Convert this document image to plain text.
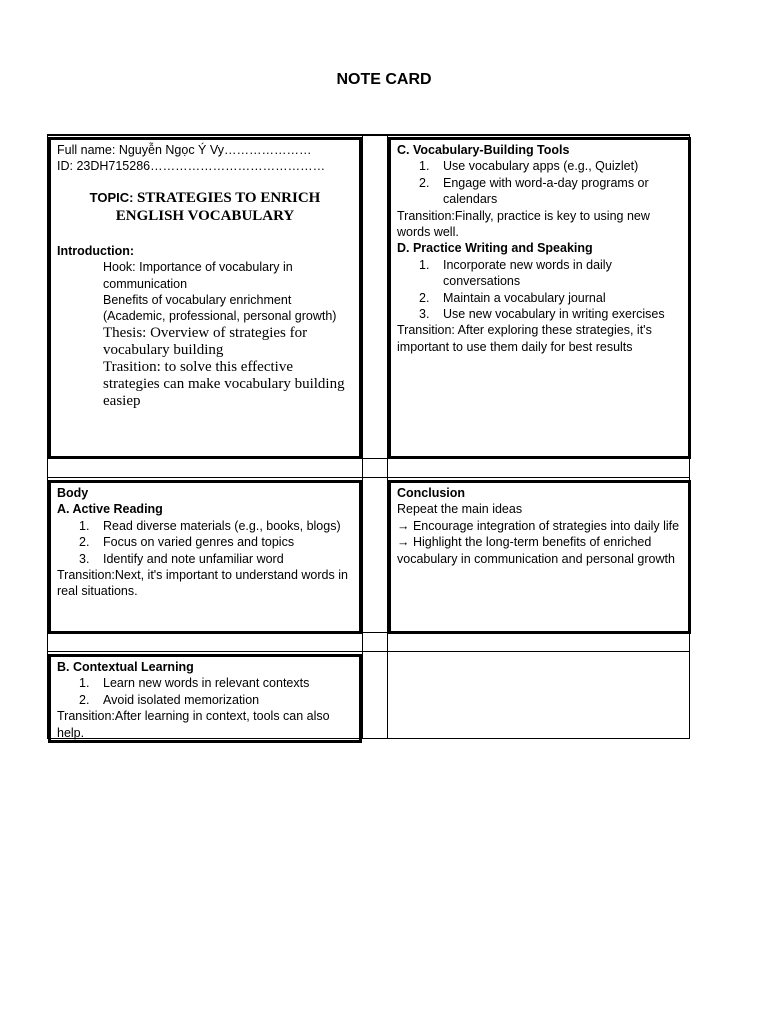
NOTE CARD
Full name: Nguyễn Ngọc Ý Vy…………………
ID: 23DH715286……………………………………
TOPIC: STRATEGIES TO ENRICH ENGLISH VOCABULARY
Introduction:
Hook: Importance of vocabulary in communication
Benefits of vocabulary enrichment (Academic, professional, personal growth)
Thesis: Overview of strategies for vocabulary building
Trasition: to solve this effective strategies can make vocabulary building easiep
C. Vocabulary-Building Tools
1. Use vocabulary apps (e.g., Quizlet)
2. Engage with word-a-day programs or calendars
Transition:Finally, practice is key to using new words well.
D. Practice Writing and Speaking
1. Incorporate new words in daily conversations
2. Maintain a vocabulary journal
3. Use new vocabulary in writing exercises
Transition: After exploring these strategies, it's important to use them daily for best results
Body
A. Active Reading
1. Read diverse materials (e.g., books, blogs)
2. Focus on varied genres and topics
3. Identify and note unfamiliar word
Transition:Next, it's important to understand words in real situations.
Conclusion
Repeat the main ideas
→ Encourage integration of strategies into daily life
→ Highlight the long-term benefits of enriched vocabulary in communication and personal growth
B. Contextual Learning
1. Learn new words in relevant contexts
2. Avoid isolated memorization
Transition:After learning in context, tools can also help.
